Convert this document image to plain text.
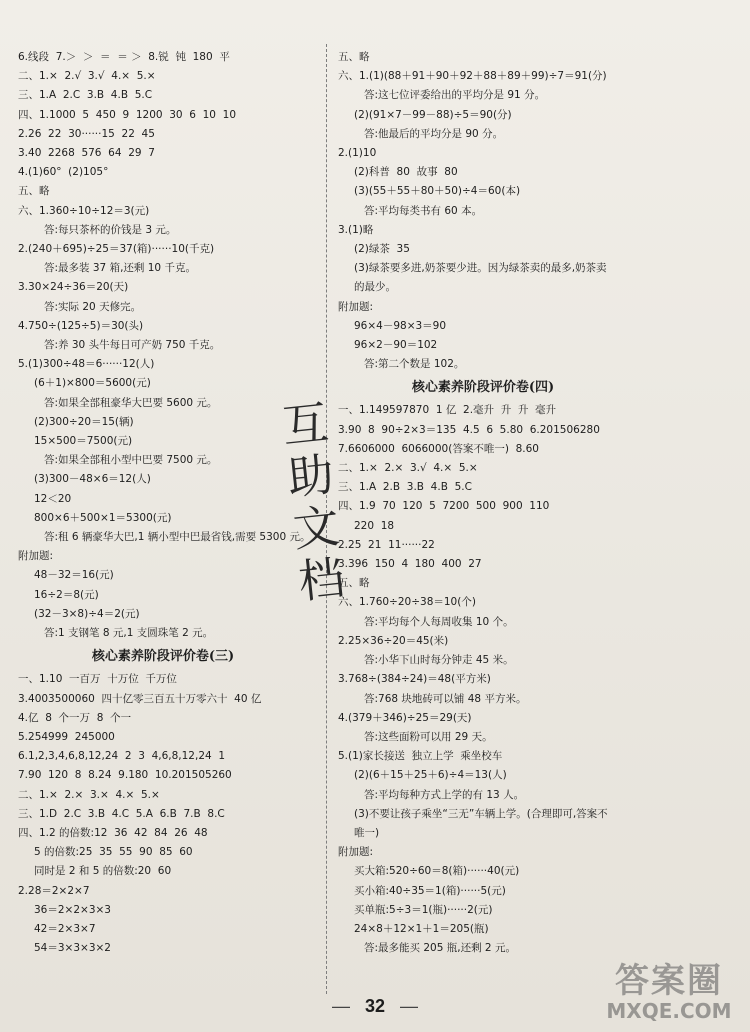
6.线段  7.＞  ＞  ＝  ＝ ＞  8.锐  钝  180  平
二、1.×  2.√  3.√  4.×  5.×
三、1.A  2.C  3.B  4.B  5.C
四、1.1000  5  450  9  1200  30  6  10  10
2.26  22  30······15  22  45
3.40  2268  576  64  29  7
4.(1)60°  (2)105°
五、略
六、1.360÷10÷12＝3(元)
答:每只茶杯的价钱是 3 元。
2.(240＋695)÷25＝37(箱)······10(千克)
答:最多装 37 箱,还剩 10 千克。
3.30×24÷36＝20(天)
答:实际 20 天修完。
4.750÷(125÷5)＝30(头)
答:养 30 头牛每日可产奶 750 千克。
5.(1)300÷48＝6······12(人)
(6＋1)×800＝5600(元)
答:如果全部租豪华大巴要 5600 元。
(2)300÷20＝15(辆)
15×500＝7500(元)
答:如果全部租小型中巴要 7500 元。
(3)300－48×6＝12(人)
12＜20
800×6＋500×1＝5300(元)
答:租 6 辆豪华大巴,1 辆小型中巴最省钱,需要 5300 元。
附加题:
48－32＝16(元)
16÷2＝8(元)
(32－3×8)÷4＝2(元)
答:1 支钢笔 8 元,1 支圆珠笔 2 元。
核心素养阶段评价卷(三)
一、1.10  一百万  十万位  千万位
3.4003500060  四十亿零三百五十万零六十  40 亿
4.亿  8  个一万  8  个一
5.254999  245000
6.1,2,3,4,6,8,12,24  2  3  4,6,8,12,24  1
7.90  120  8  8.24  9.180  10.201505260
二、1.×  2.×  3.×  4.×  5.×
三、1.D  2.C  3.B  4.C  5.A  6.B  7.B  8.C
四、1.2 的倍数:12  36  42  84  26  48
5 的倍数:25  35  55  90  85  60
同时是 2 和 5 的倍数:20  60
2.28＝2×2×7
36＝2×2×3×3
42＝2×3×7
54＝3×3×3×2
五、略
六、1.(1)(88＋91＋90＋92＋88＋89＋99)÷7＝91(分)
答:这七位评委给出的平均分是 91 分。
(2)(91×7－99－88)÷5＝90(分)
答:他最后的平均分是 90 分。
2.(1)10
(2)科普  80  故事  80
(3)(55＋55＋80＋50)÷4＝60(本)
答:平均每类书有 60 本。
3.(1)略
(2)绿茶  35
(3)绿茶要多进,奶茶要少进。因为绿茶卖的最多,奶茶卖
的最少。
附加题:
96×4－98×3＝90
96×2－90＝102
答:第二个数是 102。
核心素养阶段评价卷(四)
一、1.149597870  1 亿  2.毫升  升  升  毫升
3.90  8  90÷2×3＝135  4.5  6  5.80  6.201506280
7.6606000  6066000(答案不唯一)  8.60
二、1.×  2.×  3.√  4.×  5.×
三、1.A  2.B  3.B  4.B  5.C
四、1.9  70  120  5  7200  500  900  110
220  18
2.25  21  11······22
3.396  150  4  180  400  27
五、略
六、1.760÷20÷38＝10(个)
答:平均每个人每周收集 10 个。
2.25×36÷20＝45(米)
答:小华下山时每分钟走 45 米。
3.768÷(384÷24)＝48(平方米)
答:768 块地砖可以铺 48 平方米。
4.(379＋346)÷25＝29(天)
答:这些面粉可以用 29 天。
5.(1)家长接送  独立上学  乘坐校车
(2)(6＋15＋25＋6)÷4＝13(人)
答:平均每种方式上学的有 13 人。
(3)不要让孩子乘坐“三无”车辆上学。(合理即可,答案不
唯一)
附加题:
买大箱:520÷60＝8(箱)······40(元)
买小箱:40÷35＝1(箱)······5(元)
买单瓶:5÷3＝1(瓶)······2(元)
24×8＋12×1＋1＝205(瓶)
答:最多能买 205 瓶,还剩 2 元。
互
助
文
档
— 32 —
答案圈
MXQE.COM
